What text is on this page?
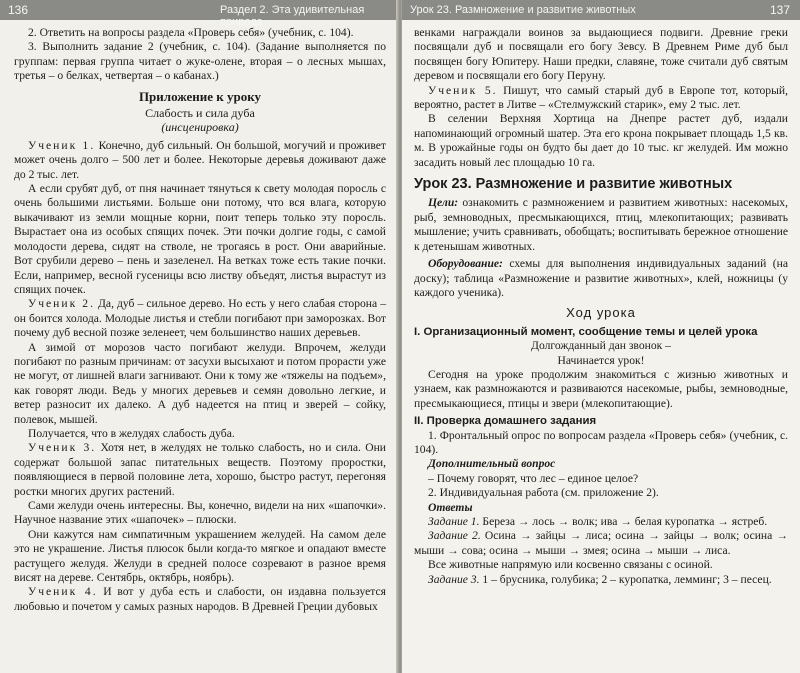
136	Раздел 2. Эта удивительная природа

2. Ответить на вопросы раздела «Проверь себя» (учебник, с. 104).

3. Выполнить задание 2 (учебник, с. 104). (Задание выполняется по группам: первая группа читает о жуке-олене, вторая – о лесных мышах, третья – о белках, четвертая – о кабанах.)

Приложение к уроку

Слабость и сила дуба

(инсценировка)

Ученик 1. Конечно, дуб сильный. Он большой, могучий и проживет может очень долго – 500 лет и более. Некоторые деревья доживают даже до 2 тыс. лет.

А если срубят дуб, от пня начинает тянуться к свету молодая поросль с очень большими листьями. Больше они потому, что вся влага, которую выкачивают из земли мощные корни, поит теперь только эту поросль. Вырастает она из особых спящих почек. Эти почки долгие годы, с самой молодости дерева, сидят на стволе, не трогаясь в рост. Они аварийные. Вот срубили дерево – пень и зазеленел. На ветках тоже есть такие почки. Если, например, весной гусеницы всю листву объедят, листья вырастут из спящих почек.

Ученик 2. Да, дуб – сильное дерево. Но есть у него слабая сторона – он боится холода. Молодые листья и стебли погибают при заморозках. Вот почему дуб весной позже зеленеет, чем большинство наших деревьев.

А зимой от морозов часто погибают желуди. Впрочем, желуди погибают по разным причинам: от засухи высыхают и потом прорасти уже не могут, от лишней влаги загнивают. Они к тому же «тяжелы на подъем», как говорят люди. Ведь у многих деревьев и семян довольно легкие, и ветер разносит их далеко. А дуб надеется на птиц и зверей – сойку, полевок, мышей.

Получается, что в желудях слабость дуба.

Ученик 3. Хотя нет, в желудях не только слабость, но и сила. Они содержат большой запас питательных веществ. Поэтому проростки, появляющиеся в первой половине лета, хорошо, быстро растут, перегоняя ростки многих других растений.

Сами желуди очень интересны. Вы, конечно, видели на них «шапочки». Научное название этих «шапочек» – плюски.

Они кажутся нам симпатичным украшением желудей. На самом деле это не украшение. Листья плюсок были когда-то мягкое и опадают вместе растущего желудя. Желуди в средней полосе созревают в разное время висят на дереве. Сентябрь, октябрь, ноябрь).

Ученик 4. И вот у дуба есть и слабости, он издавна пользуется любовью и почетом у самых разных народов. В Древней Греции дубовых

Урок 23. Размножение и развитие животных	137

венками награждали воинов за выдающиеся подвиги. Древние греки посвящали дуб и посвящали его богу Зевсу. В Древнем Риме дуб был посвящен богу Юпитеру. Наши предки, славяне, тоже считали дуб святым деревом и посвящали его богу Перуну.

Ученик 5. Пишут, что самый старый дуб в Европе тот, который, вероятно, растет в Литве – «Стелмужский старик», ему 2 тыс. лет.

В селении Верхняя Хортица на Днепре растет дуб, издали напоминающий огромный шатер. Эта его крона покрывает площадь 1,5 кв. м. В урожайные годы он будто бы дает до 10 тыс. кг желудей. Им можно засадить новый лес площадью 10 га.

Урок 23. Размножение и развитие животных

Цели: ознакомить с размножением и развитием животных: насекомых, рыб, земноводных, пресмыкающихся, птиц, млекопитающих; развивать мышление; учить сравнивать, обобщать; воспитывать бережное отношение к детенышам животных.

Оборудование: схемы для выполнения индивидуальных заданий (на доску); таблица «Размножение и развитие животных», клей, ножницы (у каждого ученика).

Ход урока

I. Организационный момент, сообщение темы и целей урока

Долгожданный дан звонок –

Начинается урок!

Сегодня на уроке продолжим знакомиться с жизнью животных и узнаем, как размножаются и развиваются насекомые, рыбы, земноводные, пресмыкающиеся, птицы и звери (млекопитающие).

II. Проверка домашнего задания

1. Фронтальный опрос по вопросам раздела «Проверь себя» (учебник, с. 104).

Дополнительный вопрос

– Почему говорят, что лес – единое целое?

2. Индивидуальная работа (см. приложение 2).

Ответы

Задание 1. Береза → лось → волк; ива → белая куропатка → ястреб.

Задание 2. Осина → зайцы → лиса; осина → зайцы → волк; осина → мыши → сова; осина → мыши → змея; осина → мыши → лиса.

Все животные напрямую или косвенно связаны с осиной.

Задание 3. 1 – брусника, голубика; 2 – куропатка, лемминг; 3 – песец.
